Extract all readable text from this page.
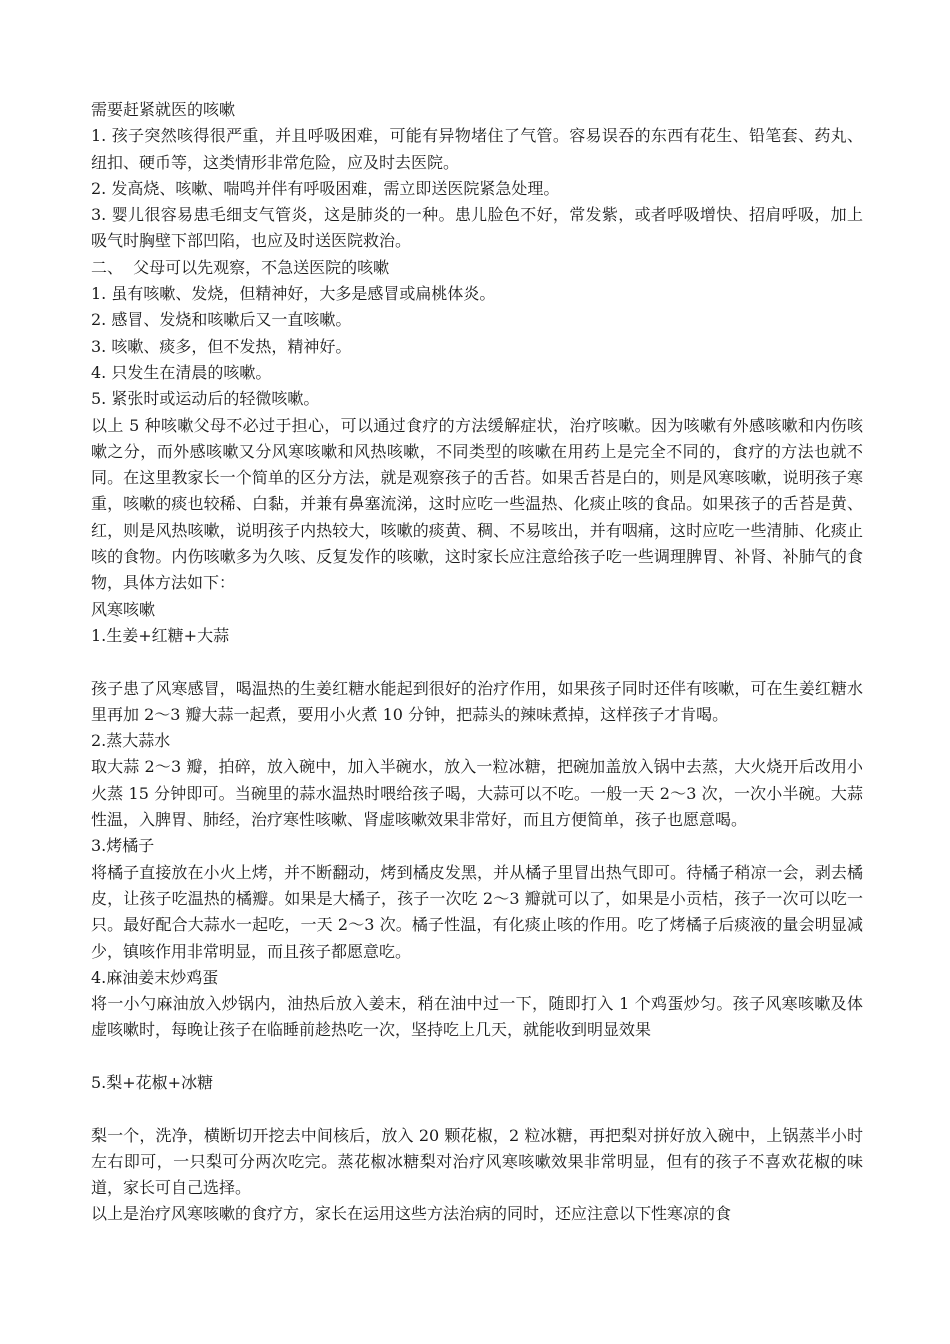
需要赶紧就医的咳嗽

1. 孩子突然咳得很严重，并且呼吸困难，可能有异物堵住了气管。容易误吞的东西有花生、铅笔套、药丸、纽扣、硬币等，这类情形非常危险，应及时去医院。

2. 发高烧、咳嗽、喘鸣并伴有呼吸困难，需立即送医院紧急处理。

3. 婴儿很容易患毛细支气管炎，这是肺炎的一种。患儿脸色不好，常发紫，或者呼吸增快、招肩呼吸，加上吸气时胸壁下部凹陷，也应及时送医院救治。

二、  父母可以先观察，不急送医院的咳嗽

1. 虽有咳嗽、发烧，但精神好，大多是感冒或扁桃体炎。

2. 感冒、发烧和咳嗽后又一直咳嗽。

3. 咳嗽、痰多，但不发热，精神好。

4. 只发生在清晨的咳嗽。

5. 紧张时或运动后的轻微咳嗽。

以上 5 种咳嗽父母不必过于担心，可以通过食疗的方法缓解症状，治疗咳嗽。因为咳嗽有外感咳嗽和内伤咳嗽之分，而外感咳嗽又分风寒咳嗽和风热咳嗽，不同类型的咳嗽在用药上是完全不同的，食疗的方法也就不同。在这里教家长一个简单的区分方法，就是观察孩子的舌苔。如果舌苔是白的，则是风寒咳嗽，说明孩子寒重，咳嗽的痰也较稀、白黏，并兼有鼻塞流涕，这时应吃一些温热、化痰止咳的食品。如果孩子的舌苔是黄、红，则是风热咳嗽，说明孩子内热较大，咳嗽的痰黄、稠、不易咳出，并有咽痛，这时应吃一些清肺、化痰止咳的食物。内伤咳嗽多为久咳、反复发作的咳嗽，这时家长应注意给孩子吃一些调理脾胃、补肾、补肺气的食物，具体方法如下：

风寒咳嗽

1.生姜+红糖+大蒜

孩子患了风寒感冒，喝温热的生姜红糖水能起到很好的治疗作用，如果孩子同时还伴有咳嗽，可在生姜红糖水里再加 2～3 瓣大蒜一起煮，要用小火煮 10 分钟，把蒜头的辣味煮掉，这样孩子才肯喝。

2.蒸大蒜水

取大蒜 2～3 瓣，拍碎，放入碗中，加入半碗水，放入一粒冰糖，把碗加盖放入锅中去蒸，大火烧开后改用小火蒸 15 分钟即可。当碗里的蒜水温热时喂给孩子喝，大蒜可以不吃。一般一天 2～3 次，一次小半碗。大蒜性温，入脾胃、肺经，治疗寒性咳嗽、肾虚咳嗽效果非常好，而且方便简单，孩子也愿意喝。

3.烤橘子

将橘子直接放在小火上烤，并不断翻动，烤到橘皮发黑，并从橘子里冒出热气即可。待橘子稍凉一会，剥去橘皮，让孩子吃温热的橘瓣。如果是大橘子，孩子一次吃 2～3 瓣就可以了，如果是小贡桔，孩子一次可以吃一只。最好配合大蒜水一起吃，一天 2～3 次。橘子性温，有化痰止咳的作用。吃了烤橘子后痰液的量会明显减少，镇咳作用非常明显，而且孩子都愿意吃。

4.麻油姜末炒鸡蛋

将一小勺麻油放入炒锅内，油热后放入姜末，稍在油中过一下，随即打入 1 个鸡蛋炒匀。孩子风寒咳嗽及体虚咳嗽时，每晚让孩子在临睡前趁热吃一次，坚持吃上几天，就能收到明显效果

5.梨+花椒+冰糖

梨一个，洗净，横断切开挖去中间核后，放入 20 颗花椒，2 粒冰糖，再把梨对拼好放入碗中，上锅蒸半小时左右即可，一只梨可分两次吃完。蒸花椒冰糖梨对治疗风寒咳嗽效果非常明显，但有的孩子不喜欢花椒的味道，家长可自己选择。

以上是治疗风寒咳嗽的食疗方，家长在运用这些方法治病的同时，还应注意以下性寒凉的食
